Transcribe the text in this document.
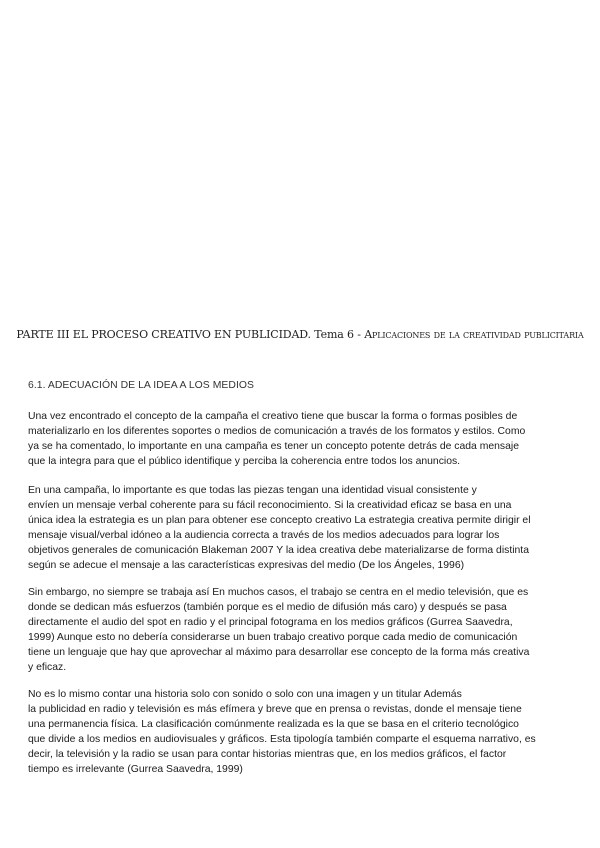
PARTE III EL PROCESO CREATIVO EN PUBLICIDAD. Tema 6 - Aplicaciones de la creatividad publicitaria
6.1. ADECUACIÓN DE LA IDEA A LOS MEDIOS
Una vez encontrado el concepto de la campaña el creativo tiene que buscar la forma o formas posibles de
materializarlo en los diferentes soportes o medios de comunicación a través de los formatos y estilos. Como
ya se ha comentado, lo importante en una campaña es tener un concepto potente detrás de cada mensaje
que la integra para que el público identifique y perciba la coherencia entre todos los anuncios.
En una campaña, lo importante es que todas las piezas tengan una identidad visual consistente y
envíen un mensaje verbal coherente para su fácil reconocimiento. Si la creatividad eficaz se basa en una
única idea la estrategia es un plan para obtener ese concepto creativo La estrategia creativa permite dirigir el
mensaje visual/verbal idóneo a la audiencia correcta a través de los medios adecuados para lograr los
objetivos generales de comunicación Blakeman 2007 Y la idea creativa debe materializarse de forma distinta
según se adecue el mensaje a las características expresivas del medio (De los Ángeles, 1996)
Sin embargo, no siempre se trabaja así En muchos casos, el trabajo se centra en el medio televisión, que es
donde se dedican más esfuerzos (también porque es el medio de difusión más caro) y después se pasa
directamente el audio del spot en radio y el principal fotograma en los medios gráficos (Gurrea Saavedra,
1999) Aunque esto no debería considerarse un buen trabajo creativo porque cada medio de comunicación
tiene un lenguaje que hay que aprovechar al máximo para desarrollar ese concepto de la forma más creativa
y eficaz.
No es lo mismo contar una historia solo con sonido o solo con una imagen y un titular Además
la publicidad en radio y televisión es más efímera y breve que en prensa o revistas, donde el mensaje tiene
una permanencia física. La clasificación comúnmente realizada es la que se basa en el criterio tecnológico
que divide a los medios en audiovisuales y gráficos. Esta tipología también comparte el esquema narrativo, es
decir, la televisión y la radio se usan para contar historias mientras que, en los medios gráficos, el factor
tiempo es irrelevante (Gurrea Saavedra, 1999)
